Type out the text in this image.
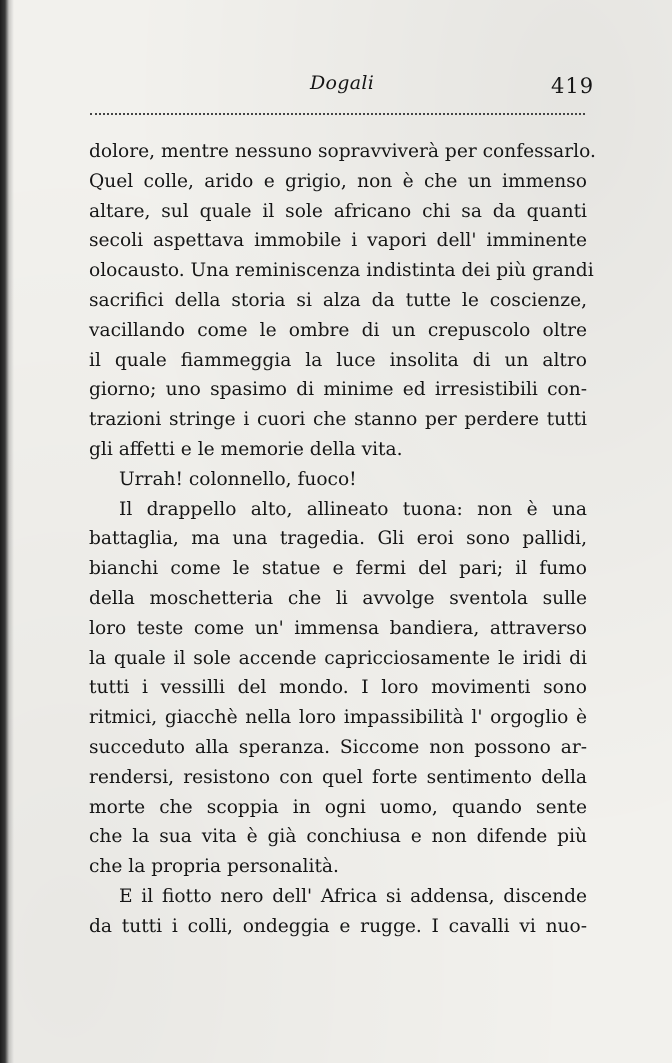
Dogali	419
dolore, mentre nessuno sopravviverà per confessarlo.
Quel colle, arido e grigio, non è che un immenso
altare, sul quale il sole africano chi sa da quanti
secoli aspettava immobile i vapori dell' imminente
olocausto. Una reminiscenza indistinta dei più grandi
sacrifici della storia si alza da tutte le coscienze,
vacillando come le ombre di un crepuscolo oltre
il quale fiammeggia la luce insolita di un altro
giorno; uno spasimo di minime ed irresistibili con-
trazioni stringe i cuori che stanno per perdere tutti
gli affetti e le memorie della vita.
Urrah! colonnello, fuoco!
Il drappello alto, allineato tuona: non è una
battaglia, ma una tragedia. Gli eroi sono pallidi,
bianchi come le statue e fermi del pari; il fumo
della moschetteria che li avvolge sventola sulle
loro teste come un' immensa bandiera, attraverso
la quale il sole accende capricciosamente le iridi di
tutti i vessilli del mondo. I loro movimenti sono
ritmici, giacchè nella loro impassibilità l' orgoglio è
succeduto alla speranza. Siccome non possono ar-
rendersi, resistono con quel forte sentimento della
morte che scoppia in ogni uomo, quando sente
che la sua vita è già conchiusa e non difende più
che la propria personalità.
E il fiotto nero dell' Africa si addensa, discende
da tutti i colli, ondeggia e rugge. I cavalli vi nuo-
